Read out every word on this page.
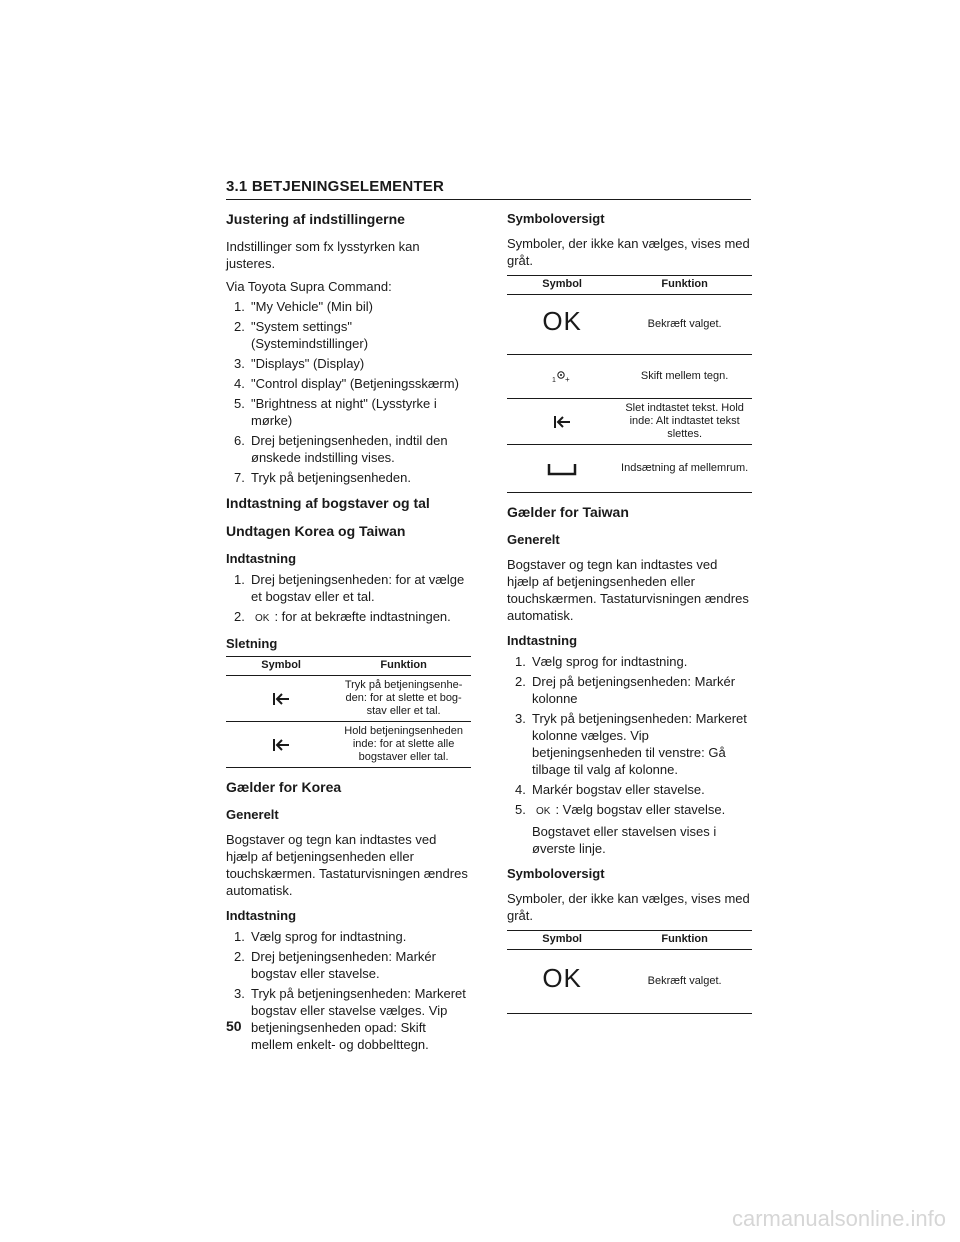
3.1 BETJENINGSELEMENTER
Justering af indstillingerne

Indstillinger som fx lysstyrken kan justeres.

Via Toyota Supra Command:

1. "My Vehicle" (Min bil)
2. "System settings" (Systemindstillinger)
3. "Displays" (Display)
4. "Control display" (Betjeningsskærm)
5. "Brightness at night" (Lysstyrke i mørke)
6. Drej betjeningsenheden, indtil den ønskede indstilling vises.
7. Tryk på betjeningsenheden.
Indtastning af bogstaver og tal
Undtagen Korea og Taiwan
Indtastning
1. Drej betjeningsenheden: for at vælge et bogstav eller et tal.
2. OK : for at bekræfte indtastningen.
Sletning
Symbol	Funktion
	Tryk på betjeningsenhe-den: for at slette et bog-stav eller et tal.
	Hold betjeningsenheden inde: for at slette alle bogstaver eller tal.
Gælder for Korea
Generelt

Bogstaver og tegn kan indtastes ved hjælp af betjeningsenheden eller touchskærmen. Tastaturvisningen ændres automatisk.

Indtastning
1. Vælg sprog for indtastning.
2. Drej betjeningsenheden: Markér bogstav eller stavelse.
3. Tryk på betjeningsenheden: Markeret bogstav eller stavelse vælges. Vip betjeningsenheden opad: Skift mellem enkelt- og dobbelttegn.
Symboloversigt

Symboler, der ikke kan vælges, vises med gråt.

Symbol	Funktion
OK	Bekræft valget.

1 +	Skift mellem tegn.
	Slet indtastet tekst. Hold inde: Alt indtastet tekst slettes.
	Indsætning af mellemrum.
Gælder for Taiwan
Generelt

Bogstaver og tegn kan indtastes ved hjælp af betjeningsenheden eller touchskærmen. Tastaturvisningen ændres automatisk.

Indtastning
1. Vælg sprog for indtastning.
2. Drej på betjeningsenheden: Markér kolonne
3. Tryk på betjeningsenheden: Markeret kolonne vælges. Vip betjeningsenheden til venstre: Gå tilbage til valg af kolonne.
4. Markér bogstav eller stavelse.
5. OK : Vælg bogstav eller stavelse.

Bogstavet eller stavelsen vises i øverste linje.

Symboloversigt

Symboler, der ikke kan vælges, vises med gråt.

Symbol	Funktion
OK	Bekræft valget.
50
carmanualsonline.info
